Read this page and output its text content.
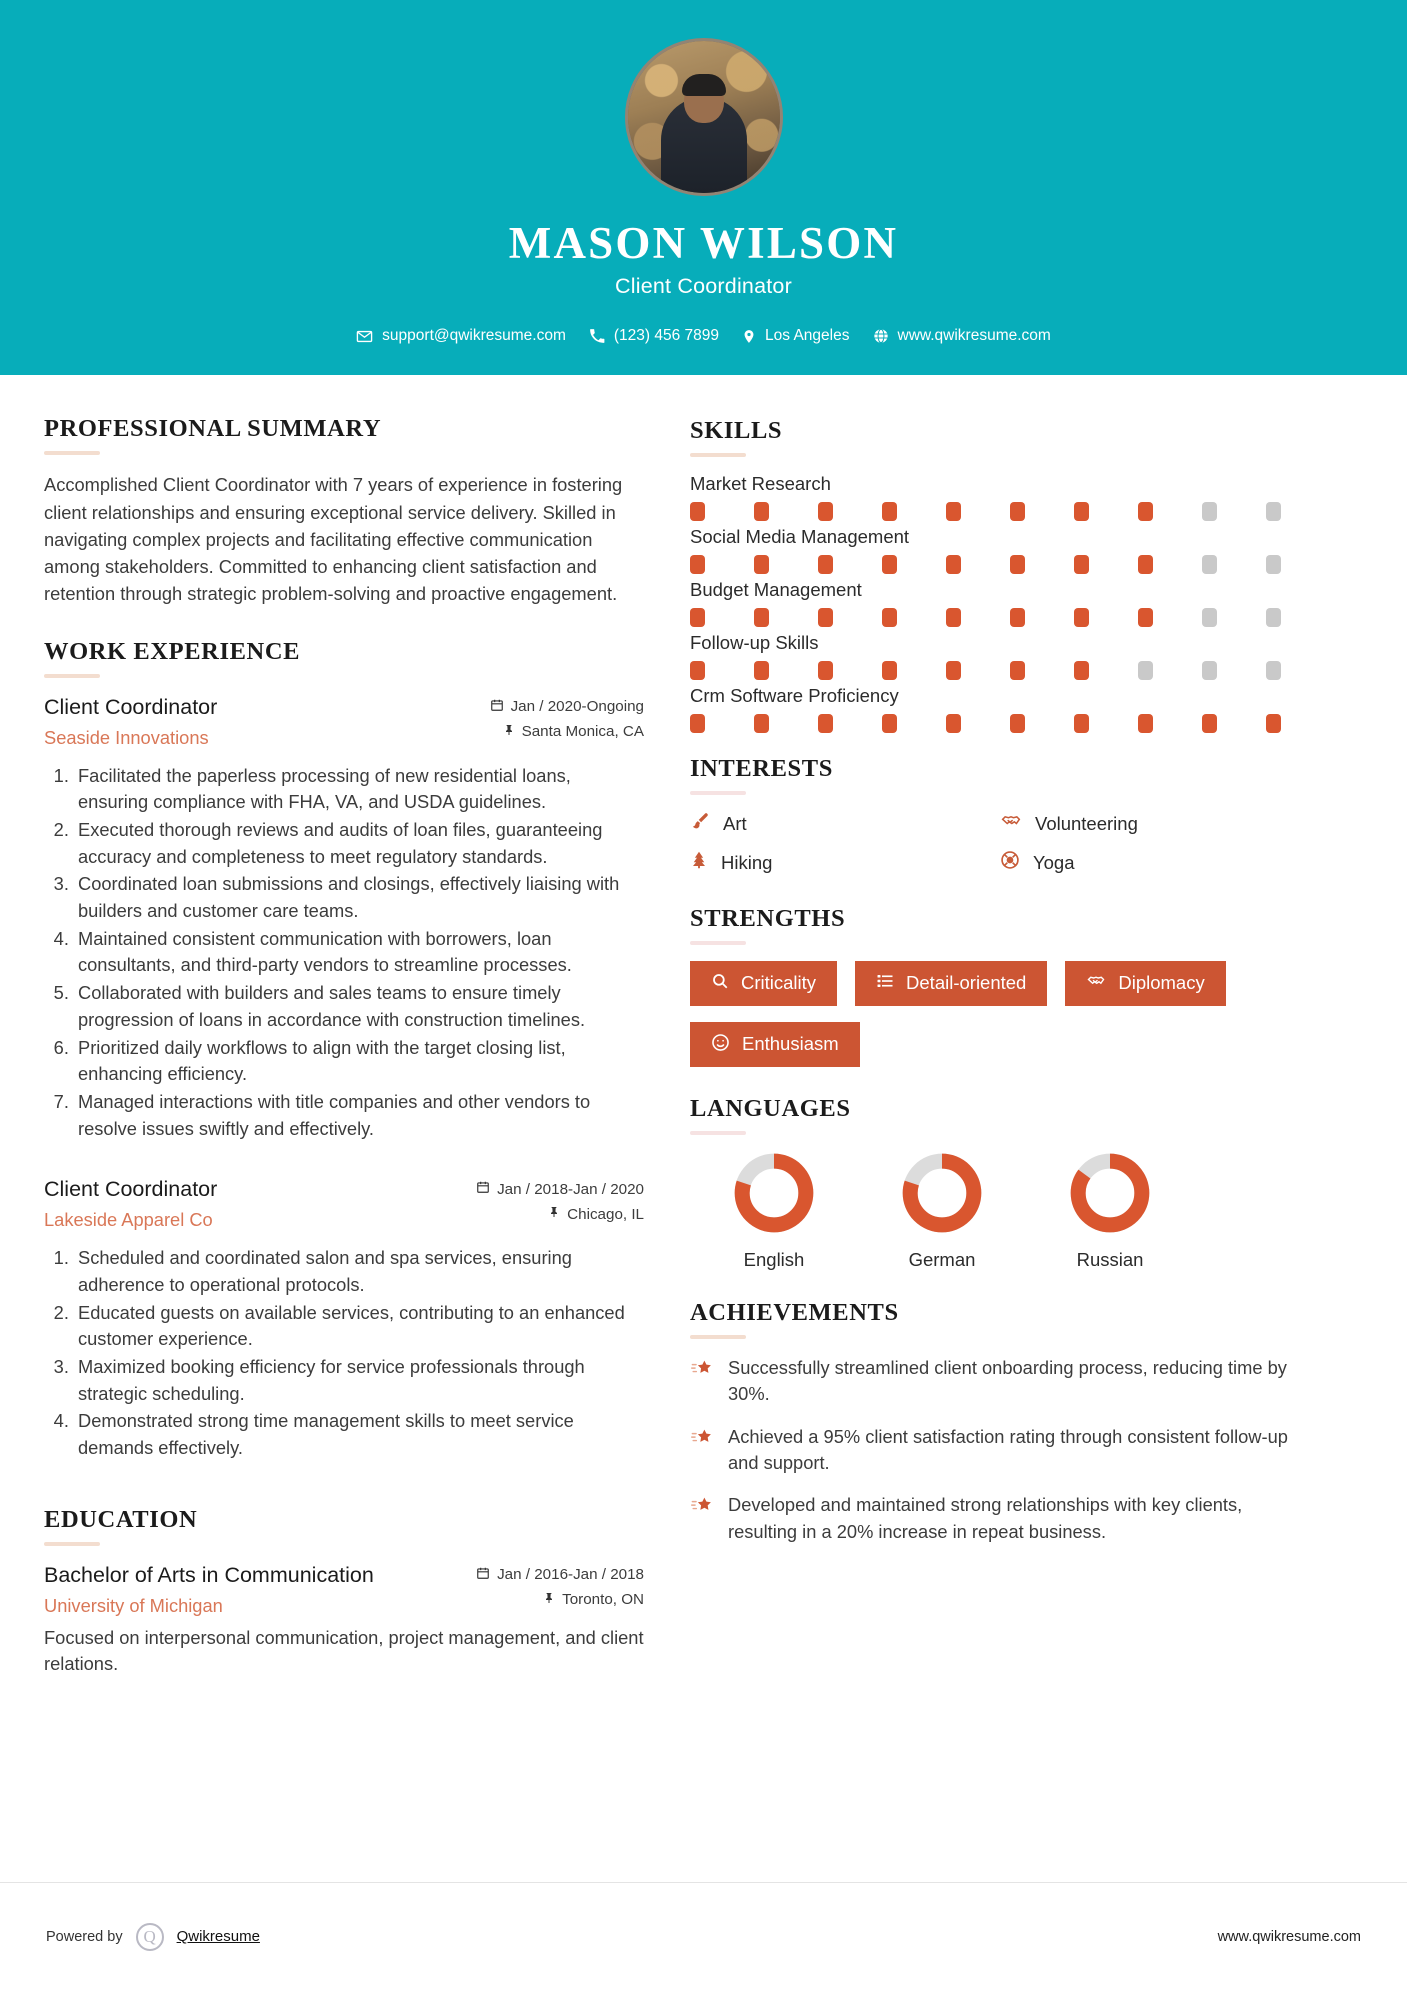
MASON WILSON
Client Coordinator
support@qwikresume.com	(123) 456 7899	Los Angeles	www.qwikresume.com
PROFESSIONAL SUMMARY

Accomplished Client Coordinator with 7 years of experience in fostering client relationships and ensuring exceptional service delivery. Skilled in navigating complex projects and facilitating effective communication among stakeholders. Committed to enhancing client satisfaction and retention through strategic problem-solving and proactive engagement.

WORK EXPERIENCE
Client Coordinator
Seaside Innovations
Jan / 2020-Ongoing
Santa Monica, CA
1. Facilitated the paperless processing of new residential loans, ensuring compliance with FHA, VA, and USDA guidelines.
2. Executed thorough reviews and audits of loan files, guaranteeing accuracy and completeness to meet regulatory standards.
3. Coordinated loan submissions and closings, effectively liaising with builders and customer care teams.
4. Maintained consistent communication with borrowers, loan consultants, and third-party vendors to streamline processes.
5. Collaborated with builders and sales teams to ensure timely progression of loans in accordance with construction timelines.
6. Prioritized daily workflows to align with the target closing list, enhancing efficiency.
7. Managed interactions with title companies and other vendors to resolve issues swiftly and effectively.
Client Coordinator
Lakeside Apparel Co
Jan / 2018-Jan / 2020
Chicago, IL
1. Scheduled and coordinated salon and spa services, ensuring adherence to operational protocols.
2. Educated guests on available services, contributing to an enhanced customer experience.
3. Maximized booking efficiency for service professionals through strategic scheduling.
4. Demonstrated strong time management skills to meet service demands effectively.
EDUCATION
Bachelor of Arts in Communication
University of Michigan
Jan / 2016-Jan / 2018
Toronto, ON

Focused on interpersonal communication, project management, and client relations.

SKILLS
Market Research
Social Media Management
Budget Management
Follow-up Skills
Crm Software Proficiency
INTERESTS
Art	Volunteering
Hiking	Yoga
STRENGTHS
Criticality	Detail-oriented	Diplomacy
Enthusiasm
LANGUAGES
English	German	Russian
ACHIEVEMENTS
Successfully streamlined client onboarding process, reducing time by 30%.
Achieved a 95% client satisfaction rating through consistent follow-up and support.
Developed and maintained strong relationships with key clients, resulting in a 20% increase in repeat business.
Powered by	Q	Qwikresume	www.qwikresume.com
